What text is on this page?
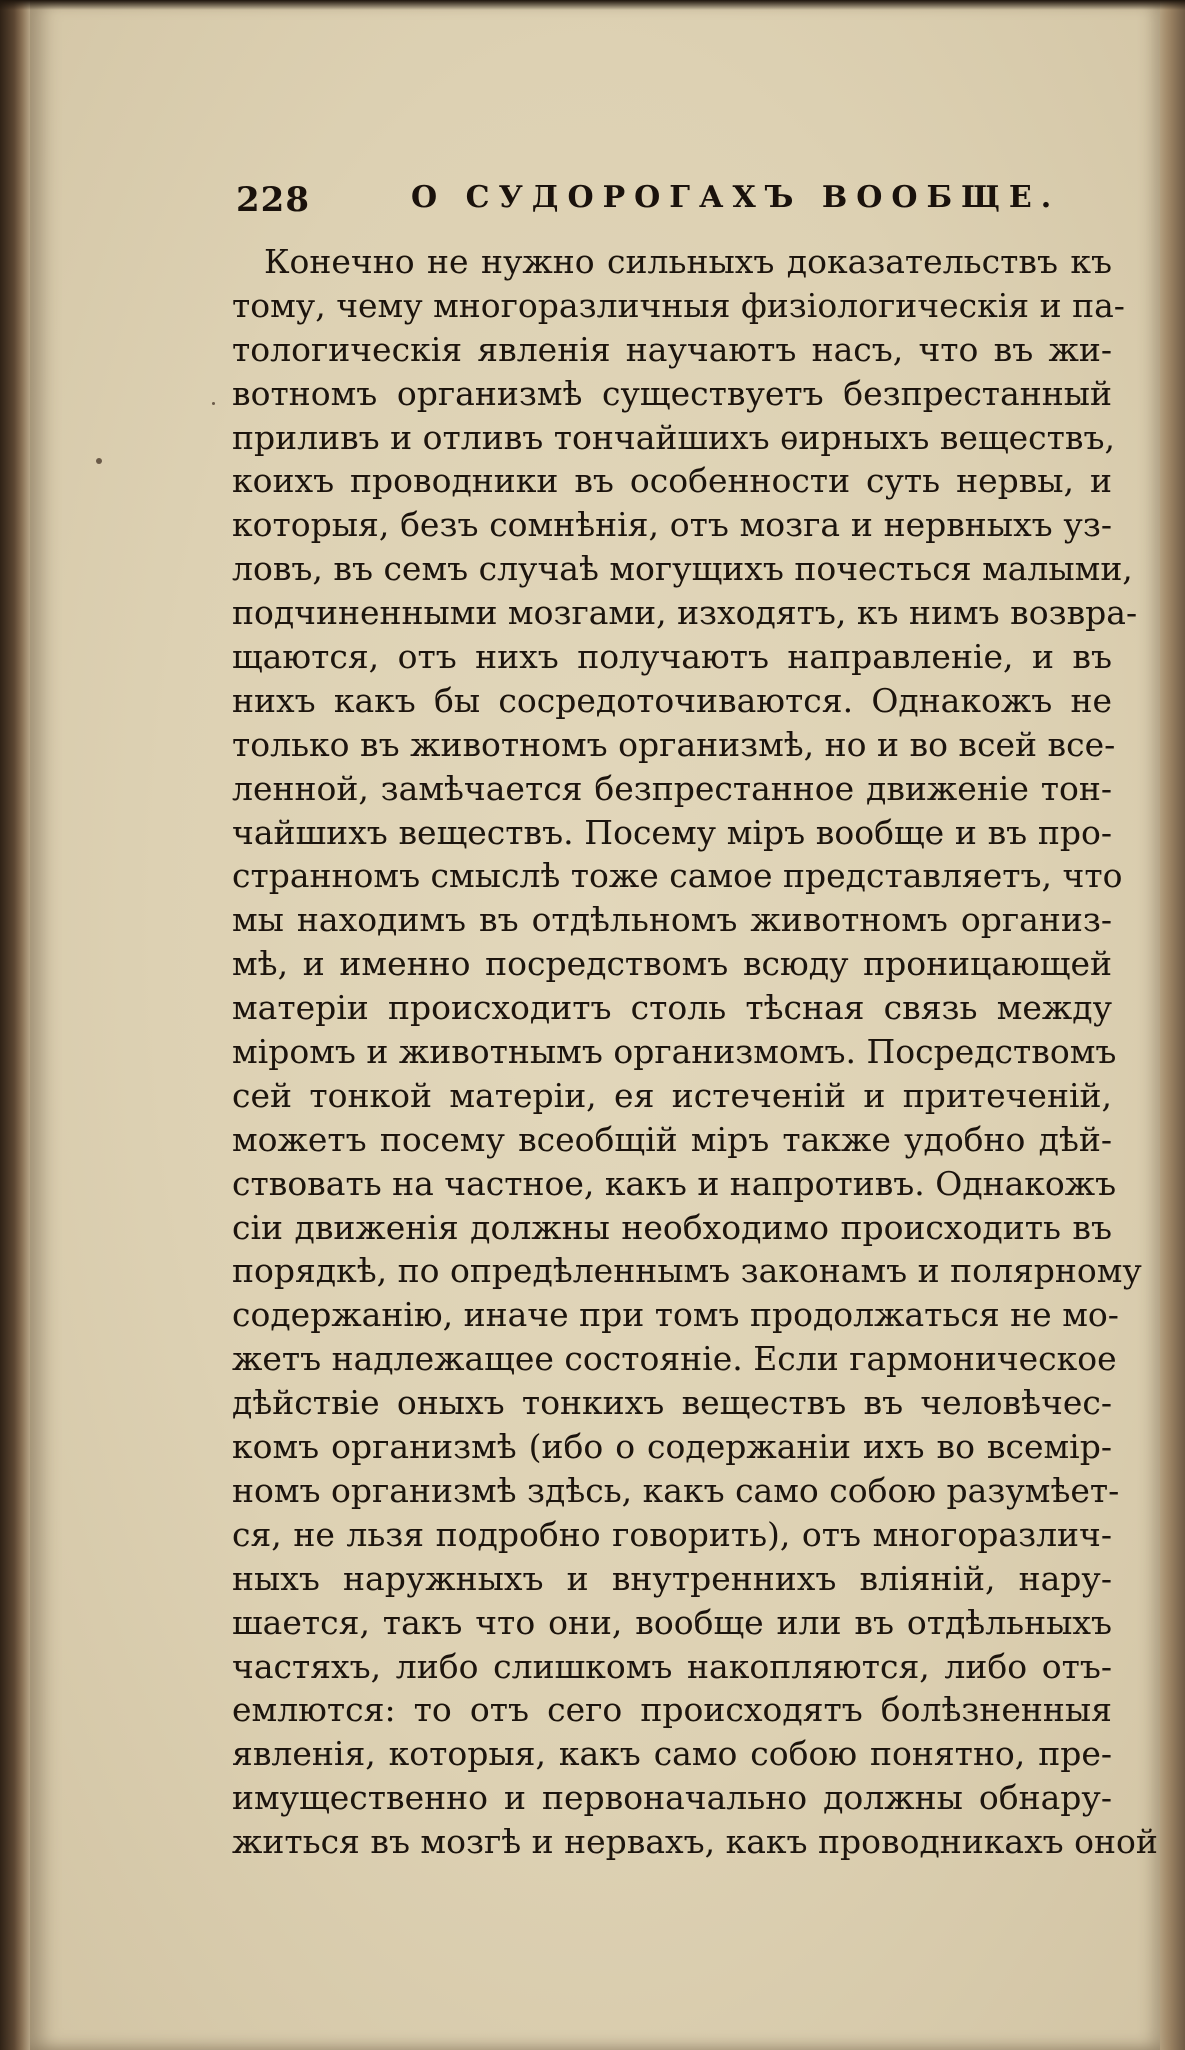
228	О СУДОРОГАХЪ ВООБЩЕ.
Конечно не нужно сильныхъ доказательствъ къ
тому, чему многоразличныя физiологическiя и па-
тологическiя явленiя научаютъ насъ, что въ жи-
вотномъ организмѣ существуетъ безпрестанный
приливъ и отливъ тончайшихъ ѳирныхъ веществъ,
коихъ проводники въ особенности суть нервы, и
которыя, безъ сомнѣнiя, отъ мозга и нервныхъ уз-
ловъ, въ семъ случаѣ могущихъ почесться малыми,
подчиненными мозгами, изходятъ, къ нимъ возвра-
щаются, отъ нихъ получаютъ направленiе, и въ
нихъ какъ бы сосредоточиваются. Однакожъ не
только въ животномъ организмѣ, но и во всей все-
ленной, замѣчается безпрестанное движенiе тон-
чайшихъ веществъ. Посему мiръ вообще и въ про-
странномъ смыслѣ тоже самое представляетъ, что
мы находимъ въ отдѣльномъ животномъ организ-
мѣ, и именно посредствомъ всюду проницающей
матерiи происходитъ столь тѣсная связь между
мiромъ и животнымъ организмомъ. Посредствомъ
сей тонкой матерiи, ея истеченiй и притеченiй,
можетъ посему всеобщiй мiръ также удобно дѣй-
ствовать на частное, какъ и напротивъ. Однакожъ
сiи движенiя должны необходимо происходить въ
порядкѣ, по опредѣленнымъ законамъ и полярному
содержанiю, иначе при томъ продолжаться не мо-
жетъ надлежащее состоянiе. Если гармоническое
дѣйствiе оныхъ тонкихъ веществъ въ человѣчес-
комъ организмѣ (ибо о содержанiи ихъ во всемiр-
номъ организмѣ здѣсь, какъ само собою разумѣет-
ся, не льзя подробно говорить), отъ многоразлич-
ныхъ наружныхъ и внутреннихъ влiянiй, нару-
шается, такъ что они, вообще или въ отдѣльныхъ
частяхъ, либо слишкомъ накопляются, либо отъ-
емлются: то отъ сего происходятъ болѣзненныя
явленiя, которыя, какъ само собою понятно, пре-
имущественно и первоначально должны обнару-
житься въ мозгѣ и нервахъ, какъ проводникахъ оной
